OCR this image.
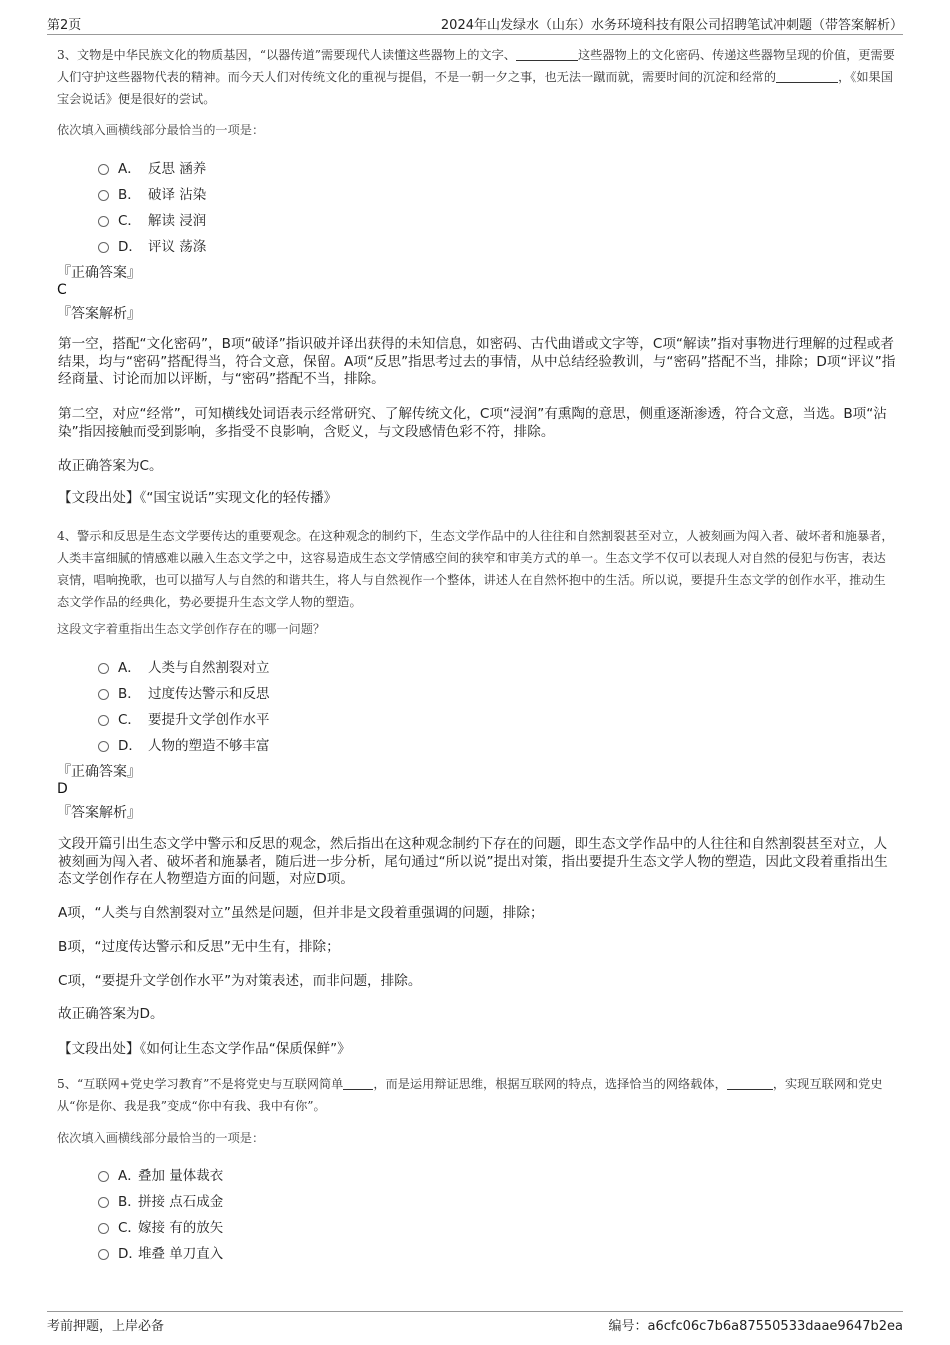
第2页	2024年山发绿水（山东）水务环境科技有限公司招聘笔试冲刺题（带答案解析）
3、文物是中华民族文化的物质基因，“以器传道”需要现代人读懂这些器物上的文字、	这些器物上的文化密码、传递这些器物呈现的价值，更需要人们守护这些器物代表的精神。而今天人们对传统文化的重视与提倡，不是一朝一夕之事，也无法一蹴而就，需要时间的沉淀和经常的	，《如果国宝会说话》便是很好的尝试。
依次填入画横线部分最恰当的一项是：
A． 反思 涵养
B． 破译 沾染
C． 解读 浸润
D． 评议 荡涤
『正确答案』
C
『答案解析』
第一空，搭配“文化密码”，B项“破译”指识破并译出获得的未知信息，如密码、古代曲谱或文字等，C项“解读”指对事物进行理解的过程或者结果，均与“密码”搭配得当，符合文意，保留。A项“反思”指思考过去的事情，从中总结经验教训，与“密码”搭配不当，排除；D项“评议”指经商量、讨论而加以评断，与“密码”搭配不当，排除。
第二空，对应“经常”，可知横线处词语表示经常研究、了解传统文化，C项“浸润”有熏陶的意思，侧重逐渐渗透，符合文意，当选。B项“沾染”指因接触而受到影响，多指受不良影响，含贬义，与文段感情色彩不符，排除。
故正确答案为C。
【文段出处】《“国宝说话”实现文化的轻传播》
4、警示和反思是生态文学要传达的重要观念。在这种观念的制约下，生态文学作品中的人往往和自然割裂甚至对立，人被刻画为闯入者、破坏者和施暴者，人类丰富细腻的情感难以融入生态文学之中，这容易造成生态文学情感空间的狭窄和审美方式的单一。生态文学不仅可以表现人对自然的侵犯与伤害，表达哀情，唱响挽歌，也可以描写人与自然的和谐共生，将人与自然视作一个整体，讲述人在自然怀抱中的生活。所以说，要提升生态文学的创作水平，推动生态文学作品的经典化，势必要提升生态文学人物的塑造。
这段文字着重指出生态文学创作存在的哪一问题？
A． 人类与自然割裂对立
B． 过度传达警示和反思
C． 要提升文学创作水平
D． 人物的塑造不够丰富
『正确答案』
D
『答案解析』
文段开篇引出生态文学中警示和反思的观念，然后指出在这种观念制约下存在的问题，即生态文学作品中的人往往和自然割裂甚至对立，人被刻画为闯入者、破坏者和施暴者，随后进一步分析，尾句通过“所以说”提出对策，指出要提升生态文学人物的塑造，因此文段着重指出生态文学创作存在人物塑造方面的问题，对应D项。
A项，“人类与自然割裂对立”虽然是问题，但并非是文段着重强调的问题，排除；
B项，“过度传达警示和反思”无中生有，排除；
C项，“要提升文学创作水平”为对策表述，而非问题，排除。
故正确答案为D。
【文段出处】《如何让生态文学作品“保质保鲜”》
5、“互联网+党史学习教育”不是将党史与互联网简单 ，而是运用辩证思维，根据互联网的特点，选择恰当的网络载体，	，实现互联网和党史从“你是你、我是我”变成“你中有我、我中有你”。
依次填入画横线部分最恰当的一项是：
A．
叠加 量体裁衣
B．
拼接 点石成金
C．
嫁接 有的放矢
D．
堆叠 单刀直入
考前押题，上岸必备	编号：a6cfc06c7b6a87550533daae9647b2ea
